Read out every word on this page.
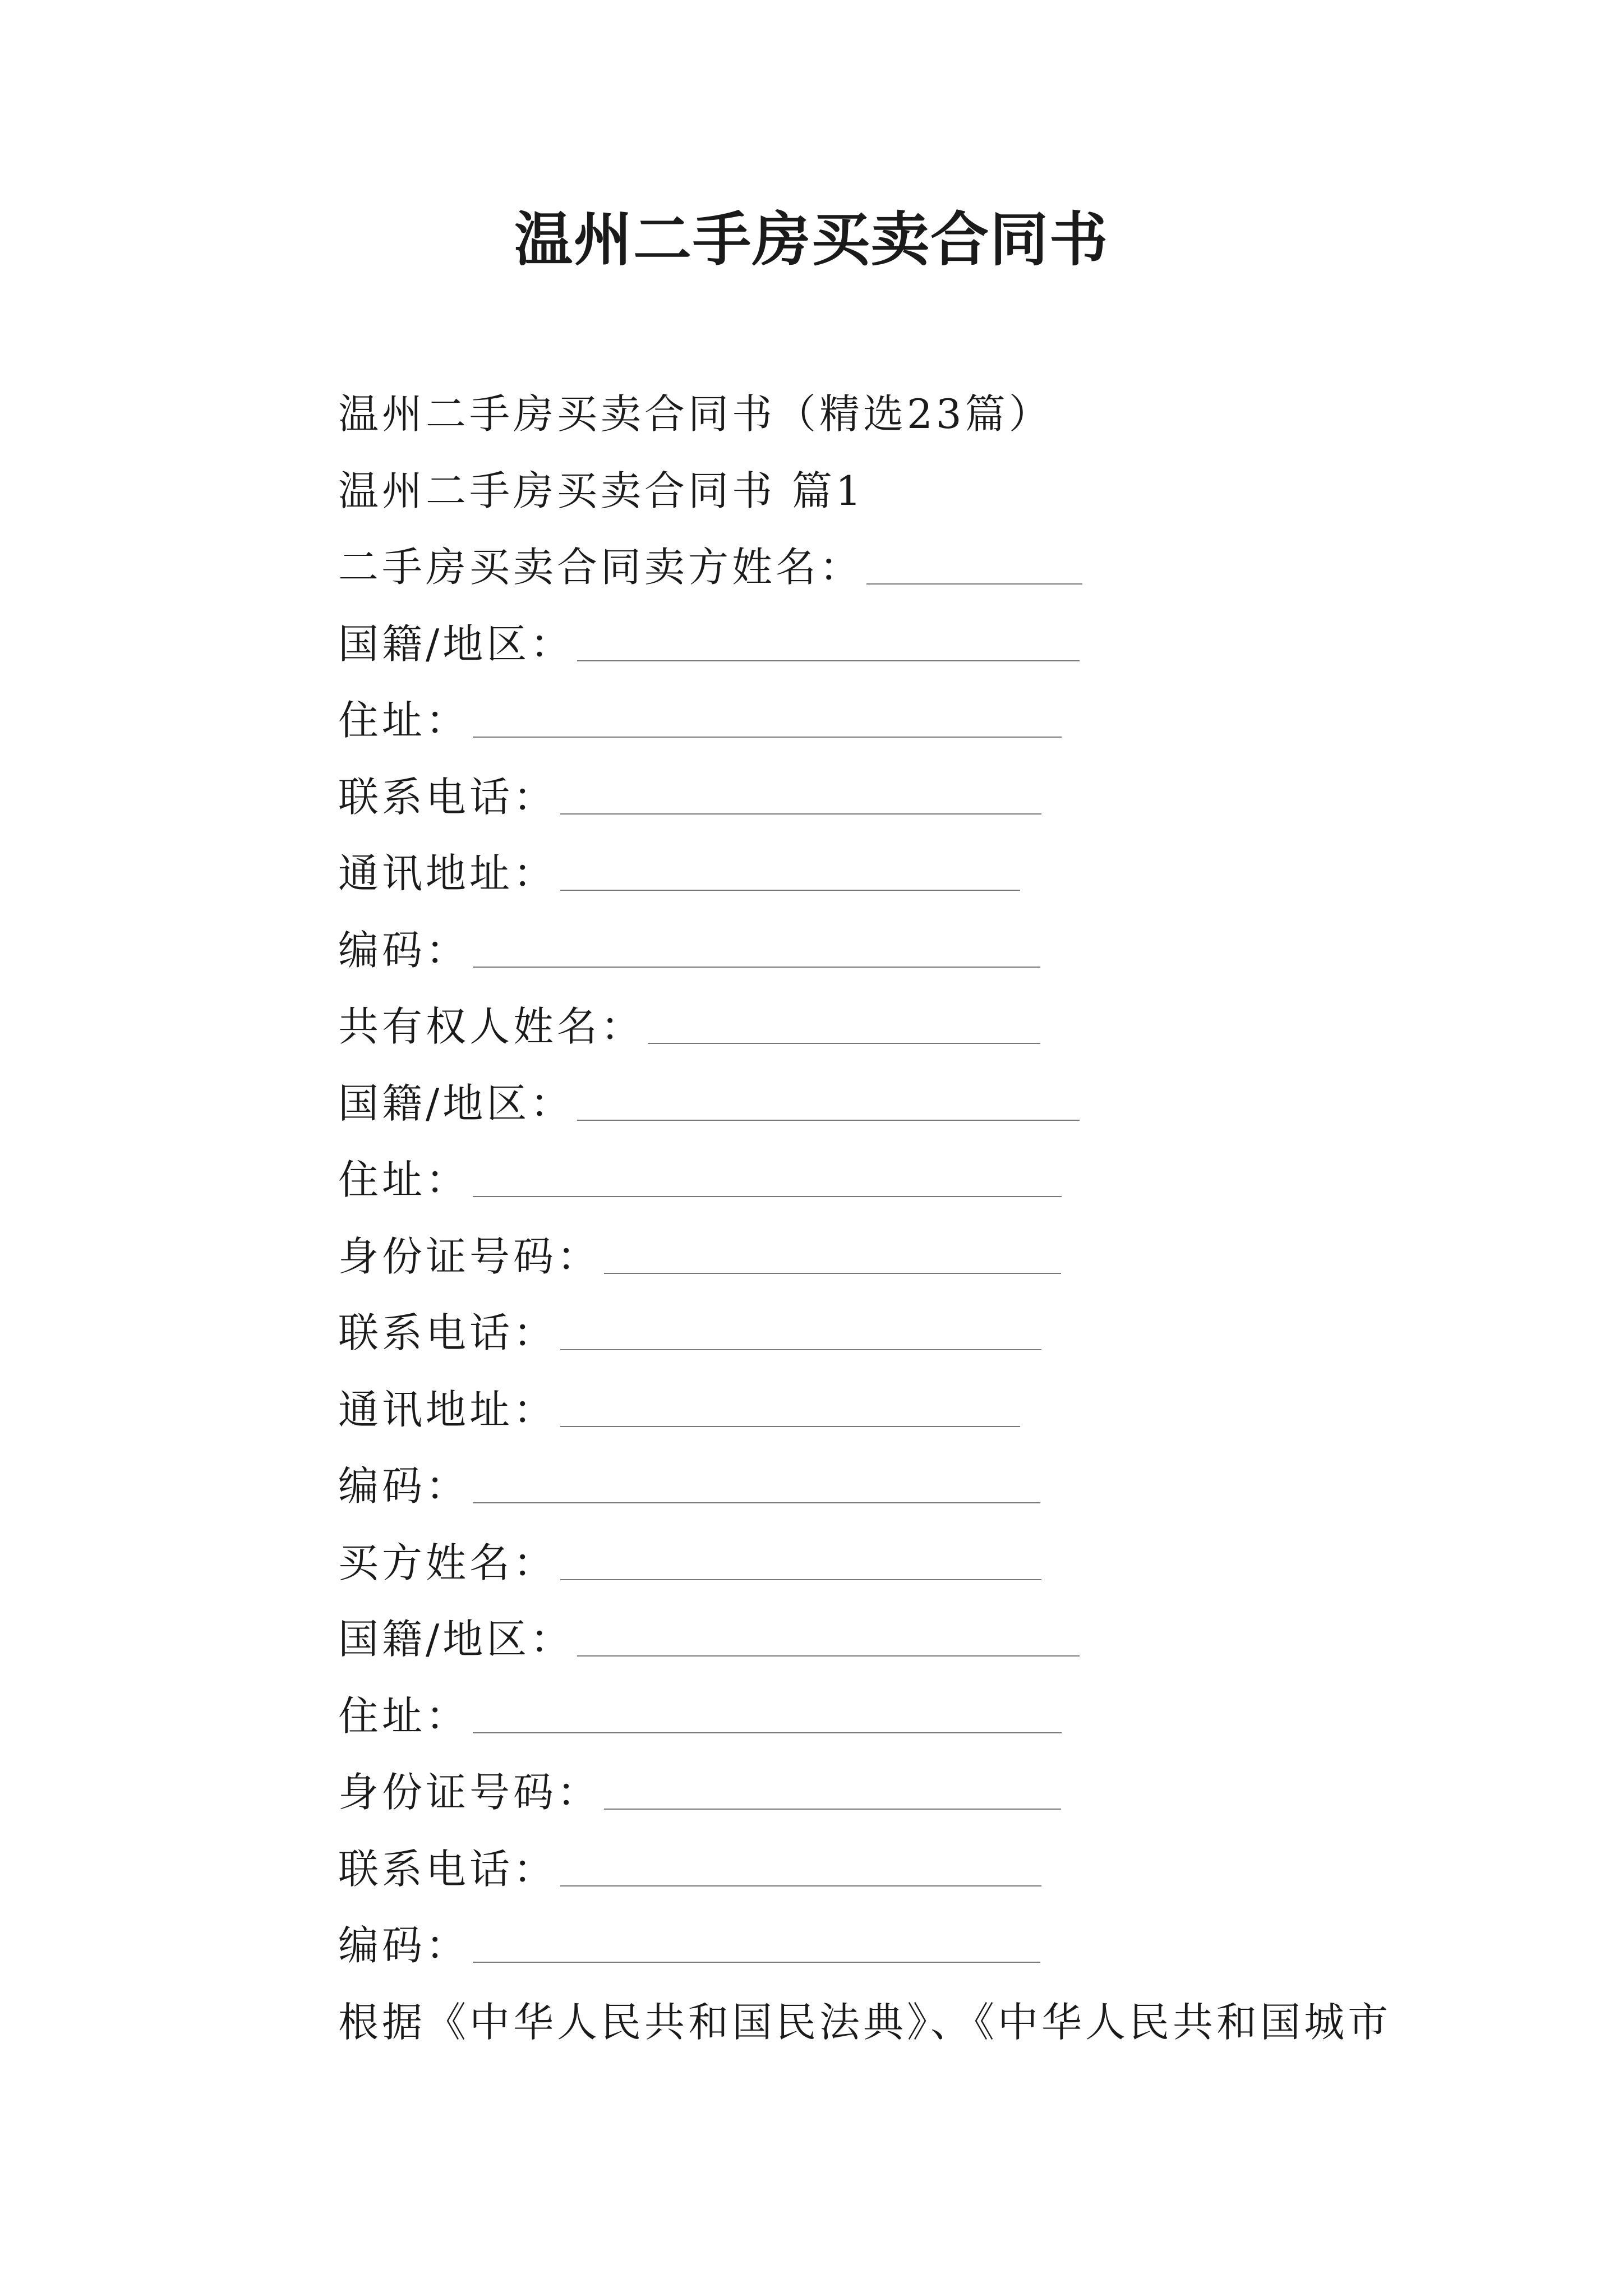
温州二手房买卖合同书
温州二手房买卖合同书（精选23篇）
温州二手房买卖合同书 篇1
二手房买卖合同卖方姓名：
国籍/地区：
住址：
联系电话：
通讯地址：
编码：
共有权人姓名：
国籍/地区：
住址：
身份证号码：
联系电话：
通讯地址：
编码：
买方姓名：
国籍/地区：
住址：
身份证号码：
联系电话：
编码：
根据《中华人民共和国民法典》、《中华人民共和国城市
